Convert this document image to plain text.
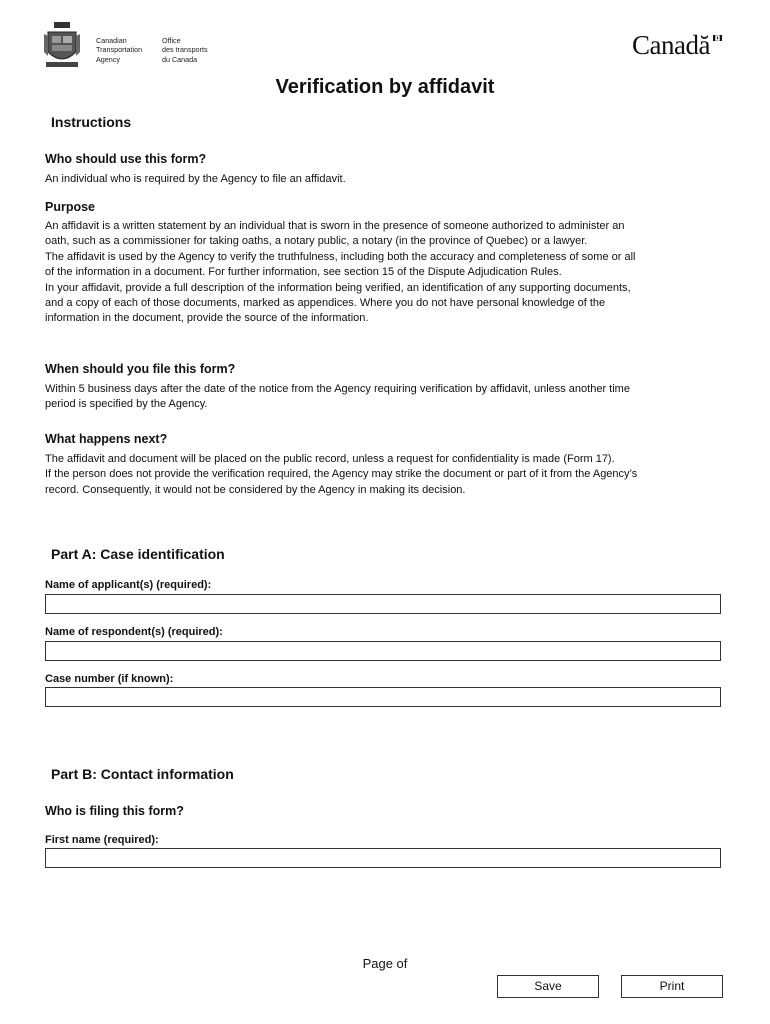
Canadian
Transportation
Agency
Office
des transports
du Canada	Canadă
Verification by affidavit
Instructions
Who should use this form?
An individual who is required by the Agency to file an affidavit.
Purpose
An affidavit is a written statement by an individual that is sworn in the presence of someone authorized to administer an
oath, such as a commissioner for taking oaths, a notary public, a notary (in the province of Quebec) or a lawyer.
The affidavit is used by the Agency to verify the truthfulness, including both the accuracy and completeness of some or all
of the information in a document. For further information, see section 15 of the Dispute Adjudication Rules.
In your affidavit, provide a full description of the information being verified, an identification of any supporting documents,
and a copy of each of those documents, marked as appendices. Where you do not have personal knowledge of the
information in the document, provide the source of the information.
When should you file this form?
Within 5 business days after the date of the notice from the Agency requiring verification by affidavit, unless another time
period is specified by the Agency.
What happens next?
The affidavit and document will be placed on the public record, unless a request for confidentiality is made (Form 17).
If the person does not provide the verification required, the Agency may strike the document or part of it from the Agency’s
record. Consequently, it would not be considered by the Agency in making its decision.
Part A: Case identification
Name of applicant(s) (required):
Name of respondent(s) (required):
Case number (if known):
Part B: Contact information
Who is filing this form?
First name (required):
Page of
Save	Print
